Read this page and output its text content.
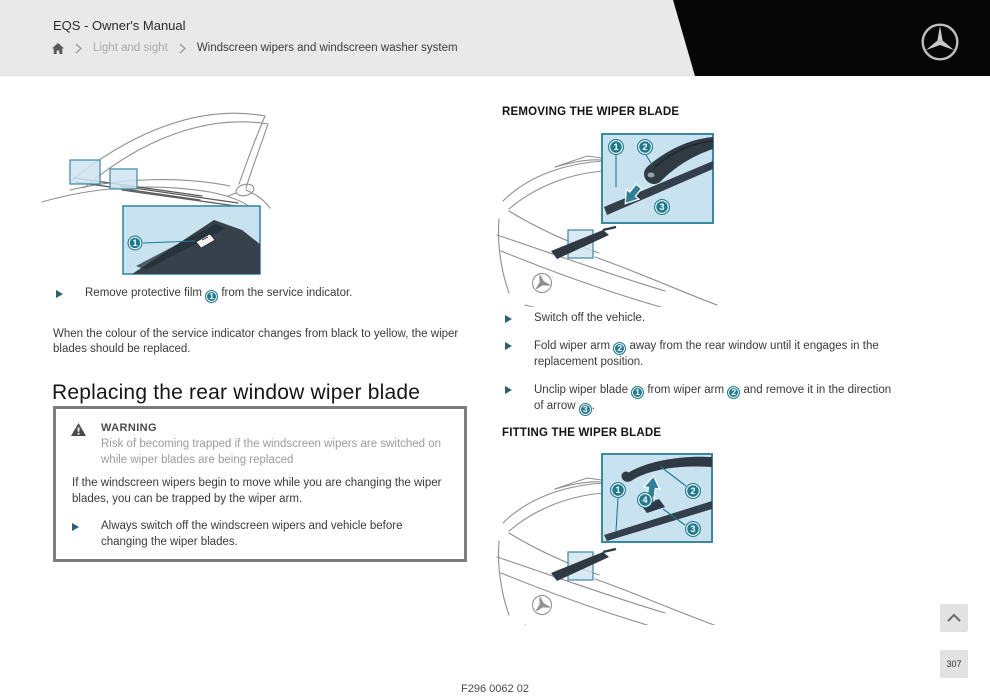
EQS - Owner's Manual
Light and sight	Windscreen wipers and windscreen washer system
1
Remove protective film 1 from the service indicator.

When the colour of the service indicator changes from black to yellow, the wiper blades should be replaced.

Replacing the rear window wiper blade
WARNING
Risk of becoming trapped if the windscreen wipers are switched on while wiper blades are being replaced
If the windscreen wipers begin to move while you are changing the wiper blades, you can be trapped by the wiper arm.
Always switch off the windscreen wipers and vehicle before changing the wiper blades.
REMOVING THE WIPER BLADE
1	2
3
Switch off the vehicle.
Fold wiper arm 2 away from the rear window until it engages in the replacement position.
Unclip wiper blade 1 from wiper arm 2 and remove it in the direction of arrow 3 .
FITTING THE WIPER BLADE
1
4
2
3
F296 0062 02
307
